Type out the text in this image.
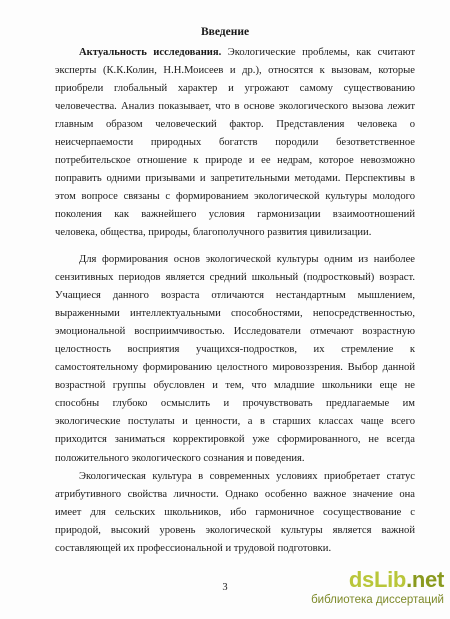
Введение
Актуальность исследования. Экологические проблемы, как считают
эксперты (К.К.Колин, Н.Н.Моисеев и др.), относятся к вызовам, которые
приобрели глобальный характер и угрожают самому существованию
человечества. Анализ показывает, что в основе экологического вызова лежит
главным образом человеческий фактор. Представления человека о
неисчерпаемости природных богатств породили безответственное
потребительское отношение к природе и ее недрам, которое невозможно
поправить одними призывами и запретительными методами. Перспективы в
этом вопросе связаны с формированием экологической культуры молодого
поколения как важнейшего условия гармонизации взаимоотношений
человека, общества, природы, благополучного развития цивилизации.
Для формирования основ экологической культуры одним из наиболее
сензитивных периодов является средний школьный (подростковый) возраст.
Учащиеся данного возраста отличаются нестандартным мышлением,
выраженными интеллектуальными способностями, непосредственностью,
эмоциональной восприимчивостью. Исследователи отмечают возрастную
целостность восприятия учащихся-подростков, их стремление к
самостоятельному формированию целостного мировоззрения. Выбор данной
возрастной группы обусловлен и тем, что младшие школьники еще не
способны глубоко осмыслить и прочувствовать предлагаемые им
экологические постулаты и ценности, а в старших классах чаще всего
приходится заниматься корректировкой уже сформированного, не всегда
положительного экологического сознания и поведения.
Экологическая культура в современных условиях приобретает статус
атрибутивного свойства личности. Однако особенно важное значение она
имеет для сельских школьников, ибо гармоничное сосуществование с
природой, высокий уровень экологической культуры является важной
составляющей их профессиональной и трудовой подготовки.
3	dsLib.net
библиотека диссертаций
